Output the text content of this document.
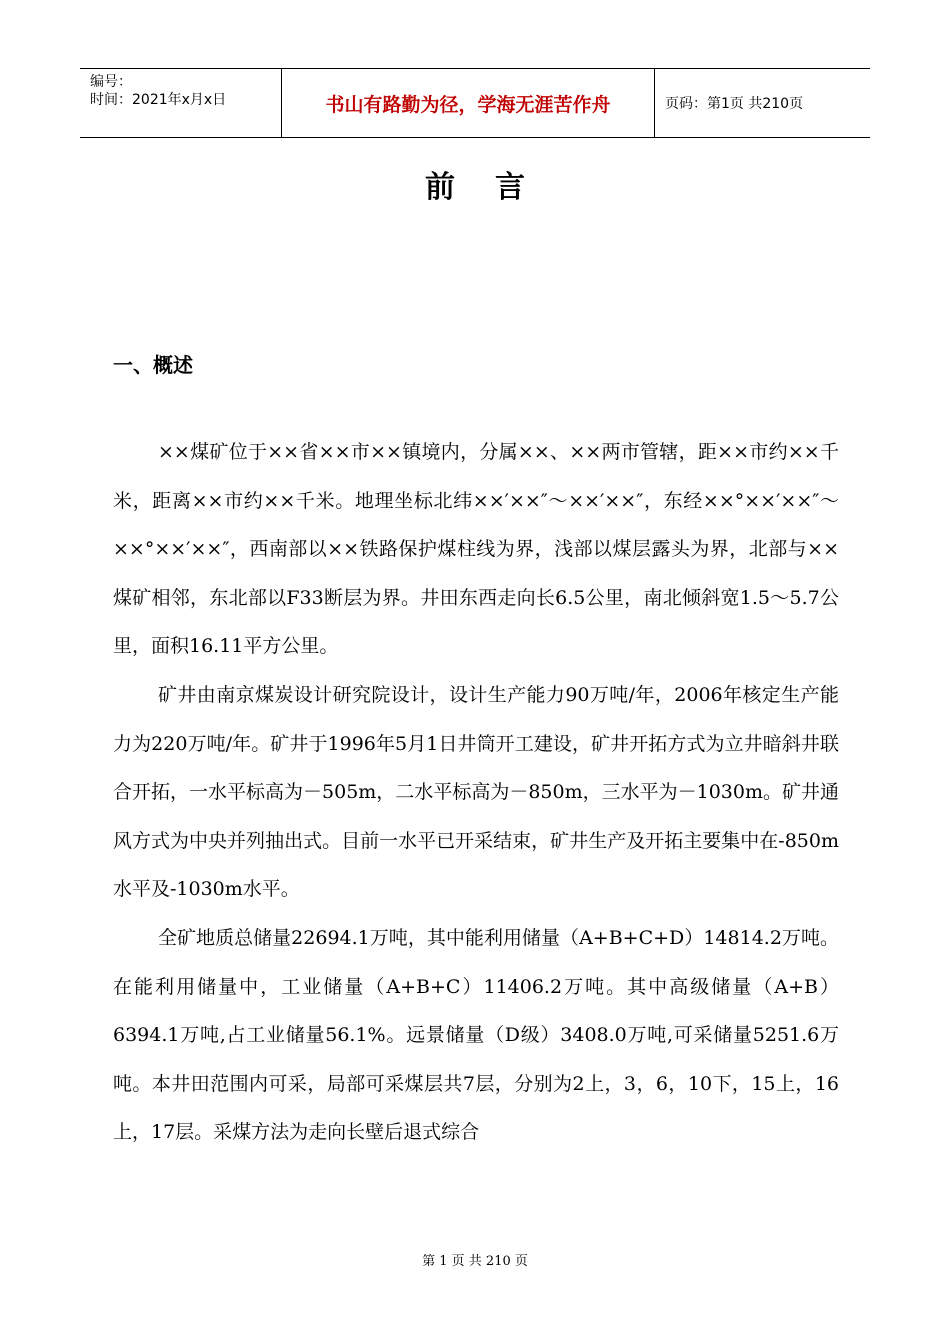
编号：
时间：2021年x月x日	书山有路勤为径，学海无涯苦作舟	页码：第1页 共210页
前言
一、概述

××煤矿位于××省××市××镇境内，分属××、××两市管辖，距××市约××千米，距离××市约××千米。地理坐标北纬××′××″～××′××″，东经××°××′××″～××°××′××″，西南部以××铁路保护煤柱线为界，浅部以煤层露头为界，北部与××煤矿相邻，东北部以F33断层为界。井田东西走向长6.5公里，南北倾斜宽1.5～5.7公里，面积16.11平方公里。

矿井由南京煤炭设计研究院设计，设计生产能力90万吨/年，2006年核定生产能力为220万吨/年。矿井于1996年5月1日井筒开工建设，矿井开拓方式为立井暗斜井联合开拓，一水平标高为－505m，二水平标高为－850m，三水平为－1030m。矿井通风方式为中央并列抽出式。目前一水平已开采结束，矿井生产及开拓主要集中在-850m水平及-1030m水平。

全矿地质总储量22694.1万吨，其中能利用储量（A+B+C+D）14814.2万吨。在能利用储量中，工业储量（A+B+C）11406.2万吨。其中高级储量（A+B）6394.1万吨,占工业储量56.1%。远景储量（D级）3408.0万吨,可采储量5251.6万吨。本井田范围内可采，局部可采煤层共7层，分别为2上，3，6，10下，15上，16上，17层。采煤方法为走向长壁后退式综合

第 1 页 共 210 页
